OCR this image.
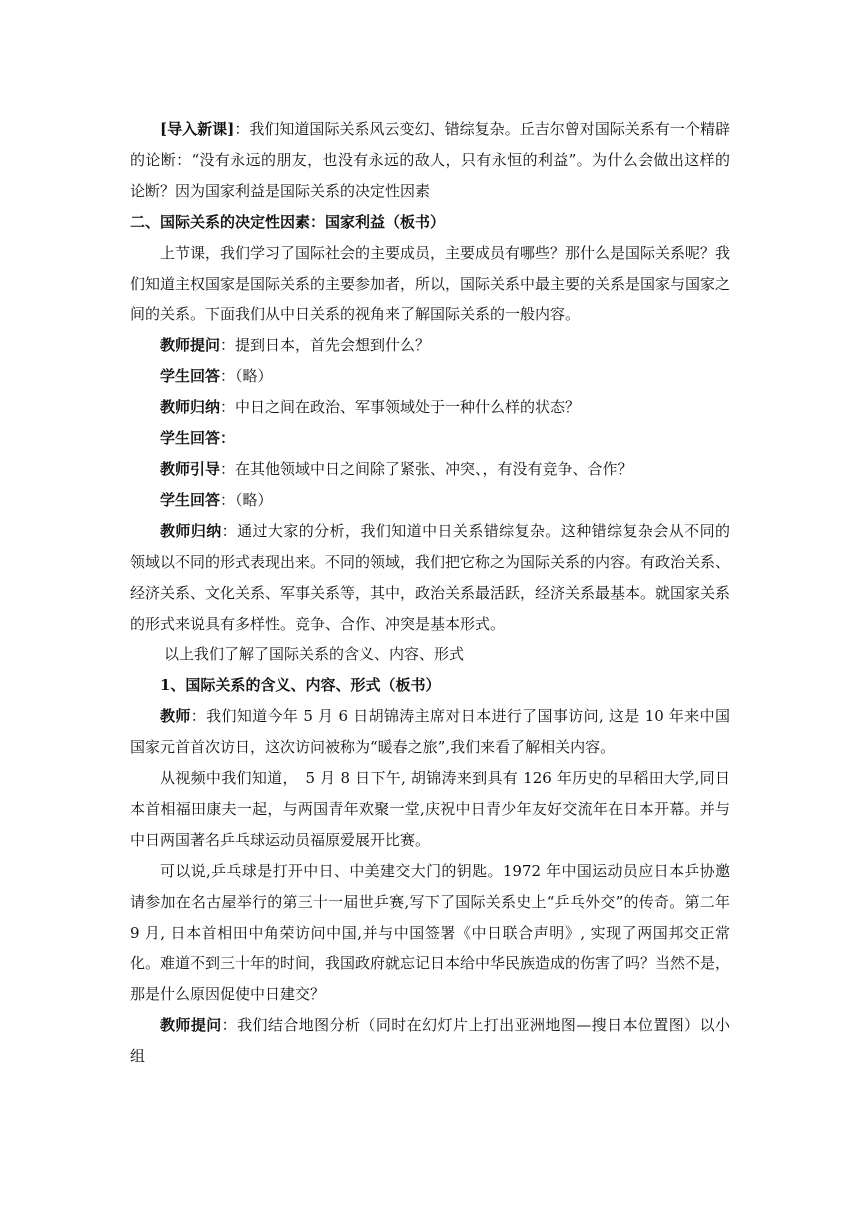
[导入新课]：我们知道国际关系风云变幻、错综复杂。丘吉尔曾对国际关系有一个精辟的论断：“没有永远的朋友，也没有永远的敌人，只有永恒的利益”。为什么会做出这样的论断？因为国家利益是国际关系的决定性因素

二、国际关系的决定性因素：国家利益（板书）

上节课，我们学习了国际社会的主要成员，主要成员有哪些？那什么是国际关系呢？我们知道主权国家是国际关系的主要参加者，所以，国际关系中最主要的关系是国家与国家之间的关系。下面我们从中日关系的视角来了解国际关系的一般内容。

教师提问：提到日本，首先会想到什么？

学生回答：（略）

教师归纳：中日之间在政治、军事领域处于一种什么样的状态？

学生回答：

教师引导：在其他领域中日之间除了紧张、冲突、，有没有竞争、合作？

学生回答：（略）

教师归纳：通过大家的分析，我们知道中日关系错综复杂。这种错综复杂会从不同的领域以不同的形式表现出来。不同的领域，我们把它称之为国际关系的内容。有政治关系、经济关系、文化关系、军事关系等，其中，政治关系最活跃，经济关系最基本。就国家关系的形式来说具有多样性。竞争、合作、冲突是基本形式。

以上我们了解了国际关系的含义、内容、形式

1、国际关系的含义、内容、形式（板书）

教师：我们知道今年 5 月 6 日胡锦涛主席对日本进行了国事访问, 这是 10 年来中国国家元首首次访日，这次访问被称为“暖春之旅”,我们来看了解相关内容。

从视频中我们知道，　5 月 8 日下午, 胡锦涛来到具有 126 年历史的早稻田大学,同日本首相福田康夫一起，与两国青年欢聚一堂,庆祝中日青少年友好交流年在日本开幕。并与中日两国著名乒乓球运动员福原爱展开比赛。

可以说,乒乓球是打开中日、中美建交大门的钥匙。1972 年中国运动员应日本乒协邀请参加在名古屋举行的第三十一届世乒赛,写下了国际关系史上“乒乓外交”的传奇。第二年 9 月, 日本首相田中角荣访问中国,并与中国签署《中日联合声明》, 实现了两国邦交正常化。难道不到三十年的时间，我国政府就忘记日本给中华民族造成的伤害了吗？当然不是，那是什么原因促使中日建交？

教师提问：我们结合地图分析（同时在幻灯片上打出亚洲地图—搜日本位置图）以小组
